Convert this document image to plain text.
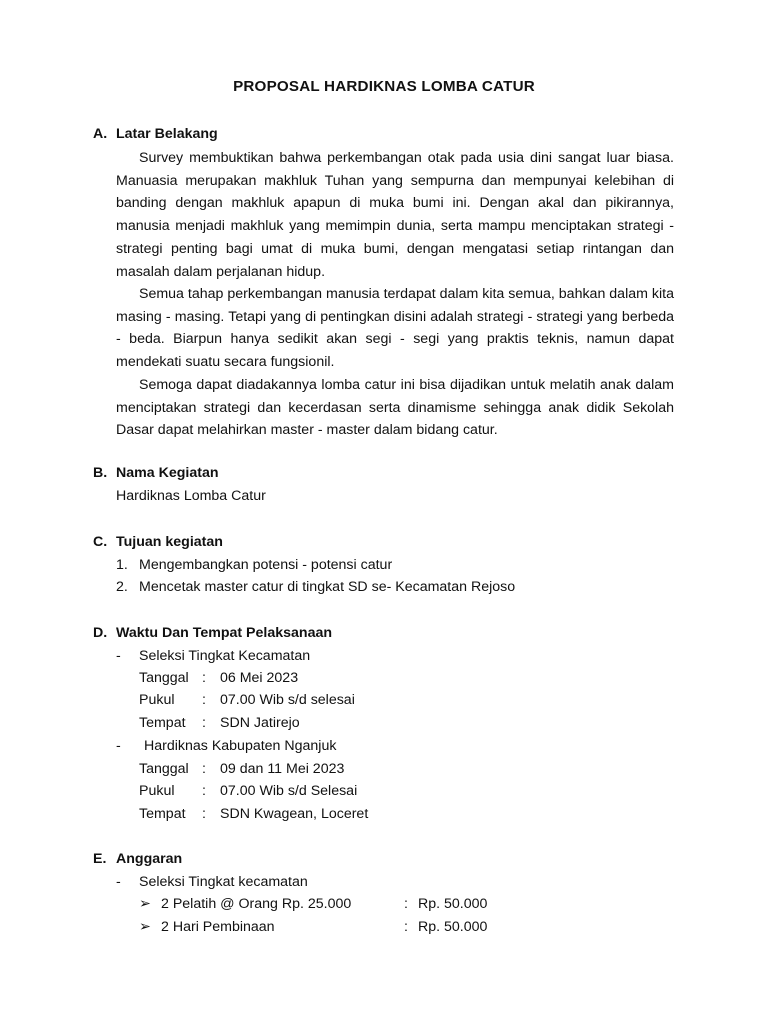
PROPOSAL HARDIKNAS LOMBA CATUR
A. Latar Belakang

Survey membuktikan bahwa perkembangan otak pada usia dini sangat luar biasa. Manuasia merupakan makhluk Tuhan yang sempurna dan mempunyai kelebihan di banding dengan makhluk apapun di muka bumi ini. Dengan akal dan pikirannya, manusia menjadi makhluk yang memimpin dunia, serta mampu menciptakan strategi - strategi penting bagi umat di muka bumi, dengan mengatasi setiap rintangan dan masalah dalam perjalanan hidup.

Semua tahap perkembangan manusia terdapat dalam kita semua, bahkan dalam kita masing - masing. Tetapi yang di pentingkan disini adalah strategi - strategi yang berbeda - beda. Biarpun hanya sedikit akan segi - segi yang praktis teknis, namun dapat mendekati suatu secara fungsionil.

Semoga dapat diadakannya lomba catur ini bisa dijadikan untuk melatih anak dalam menciptakan strategi dan kecerdasan serta dinamisme sehingga anak didik Sekolah Dasar dapat melahirkan master - master dalam bidang catur.

B. Nama Kegiatan
Hardiknas Lomba Catur
C. Tujuan kegiatan
1. Mengembangkan potensi - potensi catur
2. Mencetak master catur di tingkat SD se- Kecamatan Rejoso
D. Waktu Dan Tempat Pelaksanaan
- Seleksi Tingkat Kecamatan
Tanggal : 06 Mei 2023
Pukul : 07.00 Wib s/d selesai
Tempat : SDN Jatirejo
- Hardiknas Kabupaten Nganjuk
Tanggal : 09 dan 11 Mei 2023
Pukul : 07.00 Wib s/d Selesai
Tempat : SDN Kwagean, Loceret
E. Anggaran
- Seleksi Tingkat kecamatan
➢ 2 Pelatih @ Orang Rp. 25.000	: Rp. 50.000
➢ 2 Hari Pembinaan	: Rp. 50.000
